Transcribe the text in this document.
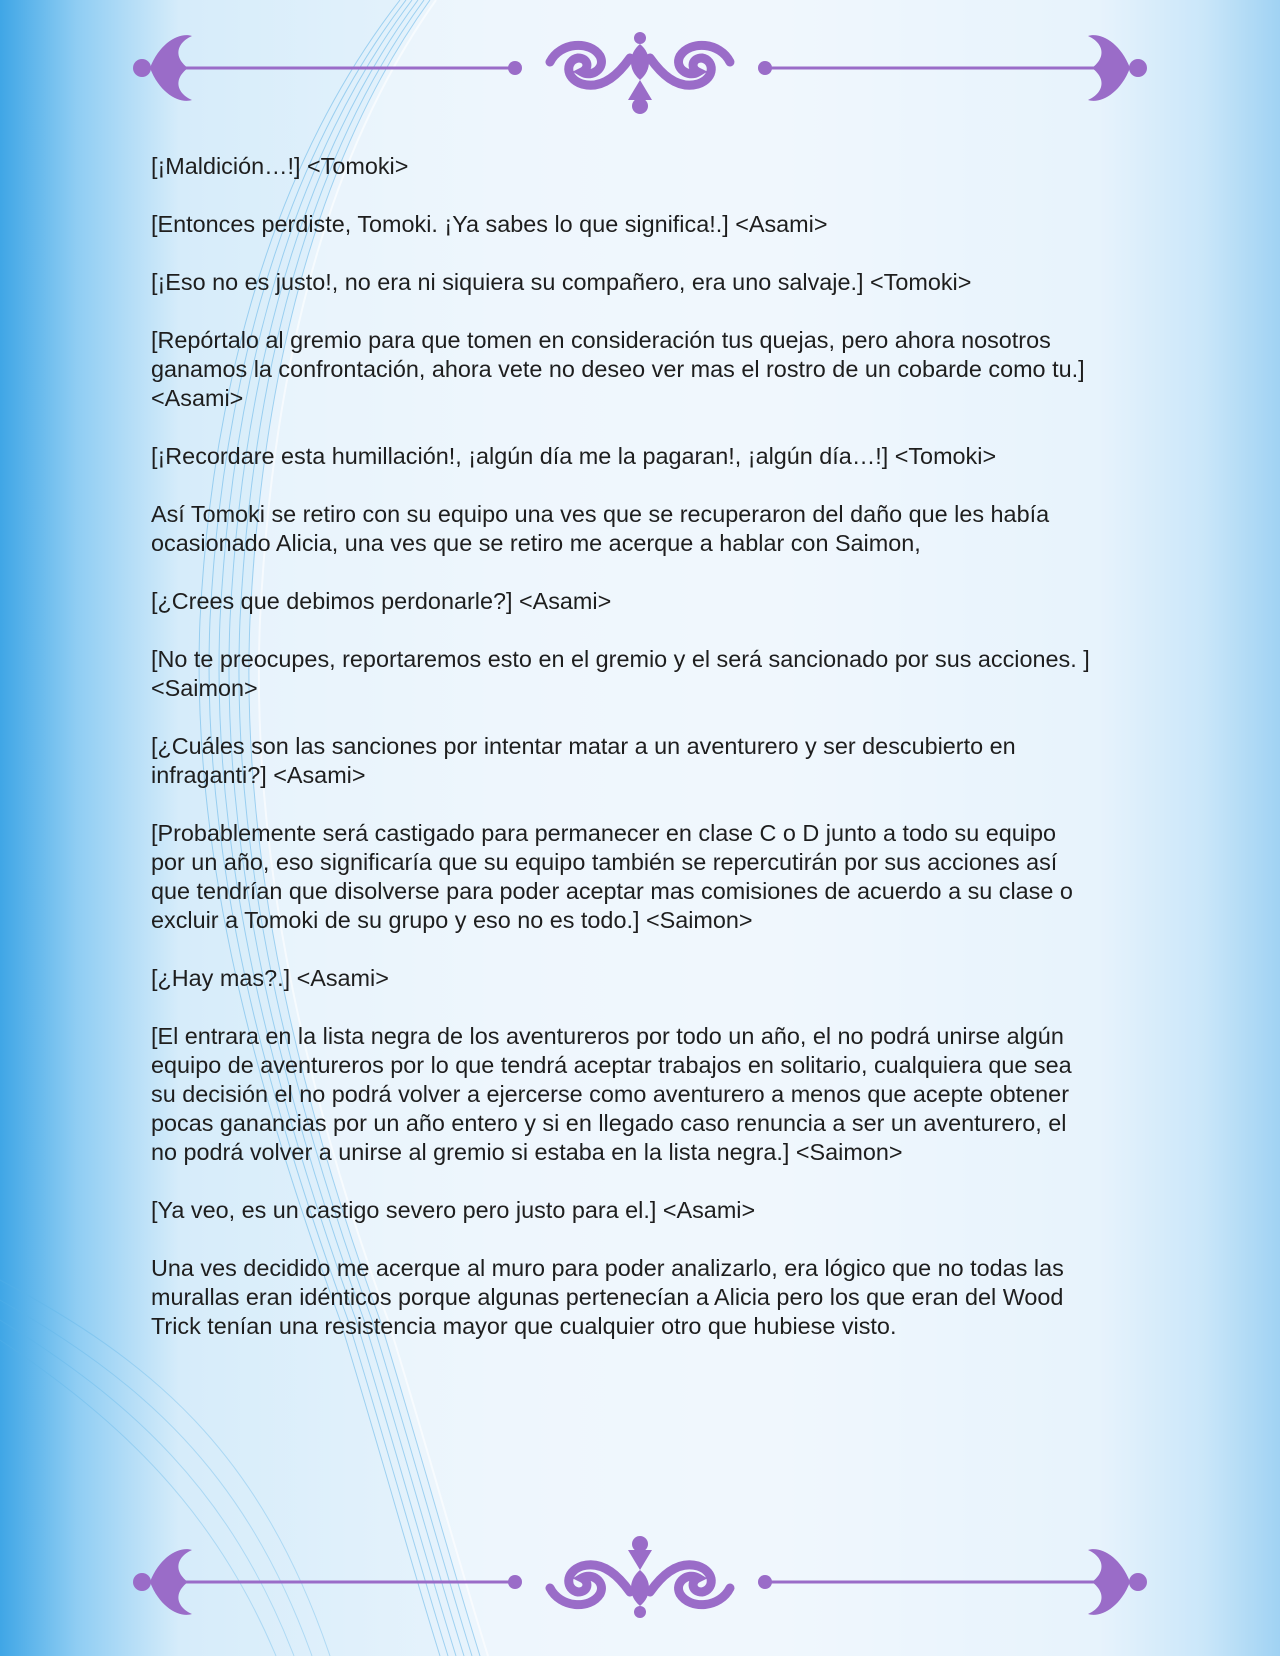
[¡Maldición…!] <Tomoki>

[Entonces perdiste, Tomoki. ¡Ya sabes lo que significa!.] <Asami>

[¡Eso no es justo!, no era ni siquiera su compañero, era uno salvaje.] <Tomoki>

[Repórtalo al gremio para que tomen en consideración tus quejas, pero ahora nosotros ganamos la confrontación, ahora vete no deseo ver mas el rostro de un cobarde como tu.] <Asami>

[¡Recordare esta humillación!, ¡algún día me la pagaran!, ¡algún día…!] <Tomoki>

Así Tomoki se retiro con su equipo una ves que se recuperaron del daño que les había ocasionado Alicia, una ves que se retiro me acerque a hablar con Saimon,

[¿Crees que debimos perdonarle?] <Asami>

[No te preocupes, reportaremos esto en el gremio y el será sancionado por sus acciones. ] <Saimon>

[¿Cuáles son las sanciones por intentar matar a un aventurero y ser descubierto en infraganti?] <Asami>

[Probablemente será castigado para permanecer en clase C o D junto a todo su equipo por un año, eso significaría que su equipo también se repercutirán por sus acciones así que tendrían que disolverse para poder aceptar mas comisiones de acuerdo a su clase o excluir a Tomoki de su grupo y eso no es todo.] <Saimon>

[¿Hay mas?.] <Asami>

[El entrara en la lista negra de los aventureros por todo un año, el no podrá unirse algún equipo de aventureros por lo que tendrá aceptar trabajos en solitario, cualquiera que sea su decisión el no podrá volver a ejercerse como aventurero a menos que acepte obtener pocas ganancias por un año entero y si en llegado caso renuncia a ser un aventurero, el no podrá volver a unirse al gremio si estaba en la lista negra.] <Saimon>

[Ya veo, es un castigo severo pero justo para el.] <Asami>

Una ves decidido me acerque al muro para poder analizarlo, era lógico que no todas las murallas eran idénticos porque algunas pertenecían a Alicia pero los que eran del Wood Trick tenían una resistencia mayor que cualquier otro que hubiese visto.
